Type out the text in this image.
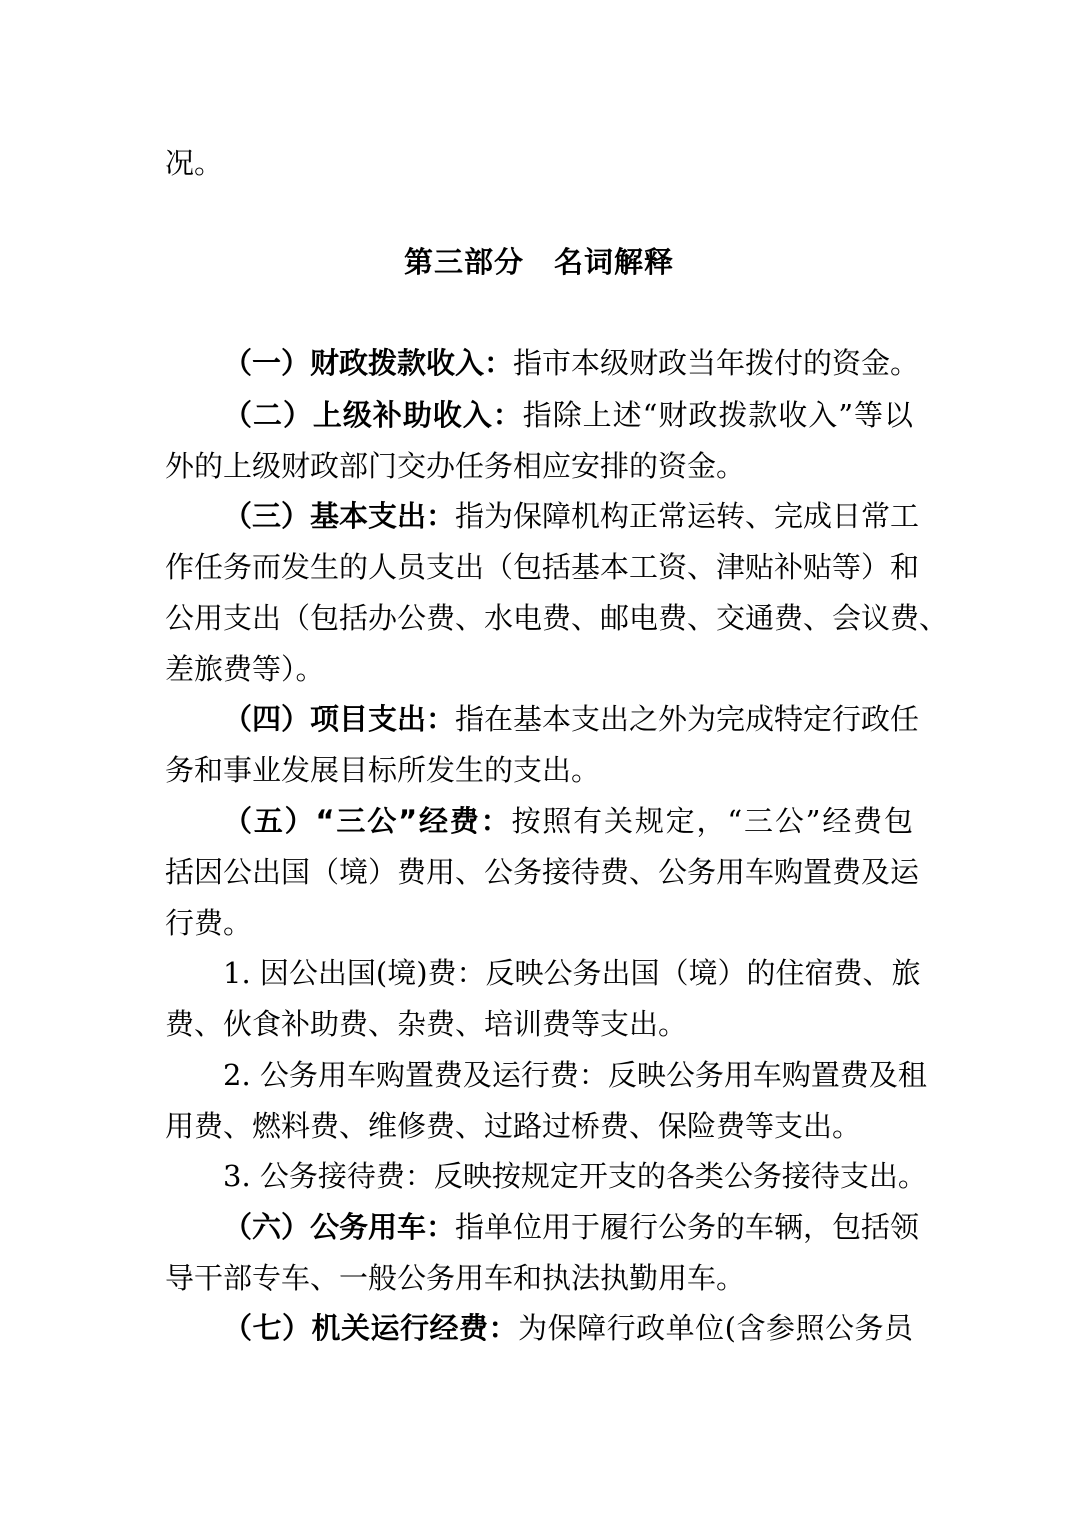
况。
第三部分 名词解释
（一）财政拨款收入：指市本级财政当年拨付的资金。
（二）上级补助收入：指除上述“财政拨款收入”等以
外的上级财政部门交办任务相应安排的资金。
（三）基本支出：指为保障机构正常运转、完成日常工
作任务而发生的人员支出（包括基本工资、津贴补贴等）和
公用支出（包括办公费、水电费、邮电费、交通费、会议费、
差旅费等）。
（四）项目支出：指在基本支出之外为完成特定行政任
务和事业发展目标所发生的支出。
（五）“三公”经费：按照有关规定，“三公”经费包
括因公出国（境）费用、公务接待费、公务用车购置费及运
行费。
1. 因公出国(境)费：反映公务出国（境）的住宿费、旅
费、伙食补助费、杂费、培训费等支出。
2. 公务用车购置费及运行费：反映公务用车购置费及租
用费、燃料费、维修费、过路过桥费、保险费等支出。
3. 公务接待费：反映按规定开支的各类公务接待支出。
（六）公务用车：指单位用于履行公务的车辆，包括领
导干部专车、一般公务用车和执法执勤用车。
（七）机关运行经费：为保障行政单位(含参照公务员
